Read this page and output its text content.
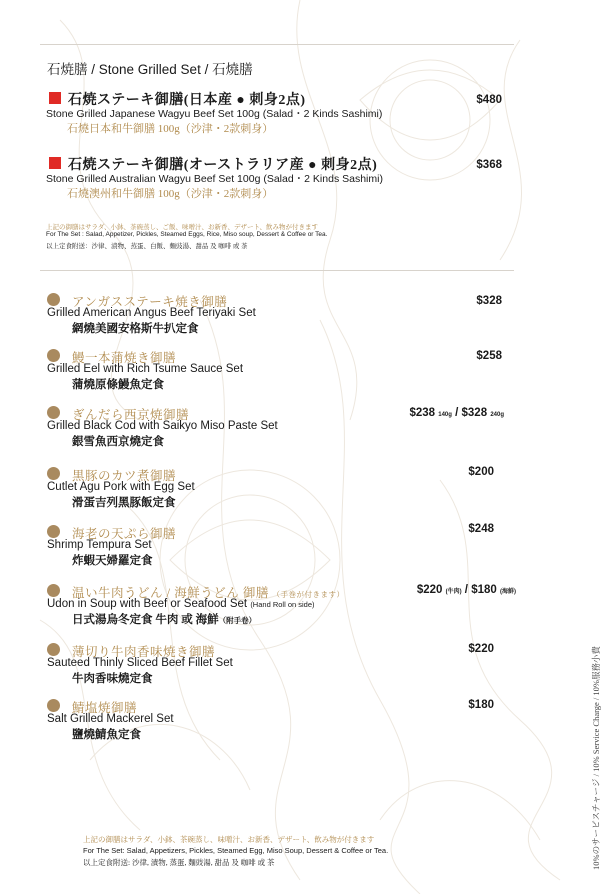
石焼膳 / Stone Grilled Set / 石燒膳
石焼ステーキ御膳(日本産 ● 刺身2点)
Stone Grilled Japanese Wagyu Beef Set 100g (Salad・2 Kinds Sashimi)
石燒日本和牛御膳 100g（沙津・2款刺身）
$480
石焼ステーキ御膳(オーストラリア産 ● 刺身2点)
Stone Grilled Australian Wagyu Beef Set 100g (Salad・2 Kinds Sashimi)
石燒澳州和牛御膳 100g（沙津・2款刺身）
$368
上記の御膳はサラダ、小鉢、茶碗蒸し、ご飯、味噌汁、お新香、デザート、飲み物が付きます
For The Set : Salad, Appetizer, Pickles, Steamed Eggs, Rice, Miso soup, Dessert & Coffee or Tea.
以上定食附送：沙律、漬物、蒸蛋、白飯、麵豉湯、甜品 及 咖啡 或 茶
アンガスステーキ焼き御膳
Grilled American Angus Beef Teriyaki Set
網燒美國安格斯牛扒定食
$328
鰻一本蒲焼き御膳
Grilled Eel with Rich Tsume Sauce Set
蒲燒原條鰻魚定食
$258
ぎんだら西京焼御膳
Grilled Black Cod with Saikyo Miso Paste Set
銀雪魚西京燒定食
$238 140g / $328 240g
黒豚のカツ煮御膳
Cutlet Agu Pork with Egg Set
滑蛋吉列黑豚飯定食
$200
海老の天ぷら御膳
Shrimp Tempura Set
炸蝦天婦羅定食
$248
温い牛肉うどん / 海鮮うどん 御膳 （手巻が付きます）
Udon in Soup with Beef or Seafood Set (Hand Roll on side)
日式湯烏冬定食 牛肉 或 海鮮（附手卷）
$220 (牛肉) / $180 (海鮮)
薄切り牛肉香味焼き御膳
Sauteed Thinly Sliced Beef Fillet Set
牛肉香味燒定食
$220
鯖塩焼御膳
Salt Grilled Mackerel Set
鹽燒鯖魚定食
$180
上記の御膳はサラダ、小鉢、茶碗蒸し、味噌汁、お新香、デザート、飲み物が付きます
For The Set: Salad, Appetizers, Pickles, Steamed Egg, Miso Soup, Dessert & Coffee or Tea.
以上定食附送: 沙律, 漬物, 蒸蛋, 麵豉湯, 甜品 及 咖啡 或 茶	10%のサービスチャージ / 10% Service Charge / 10%服務小費
